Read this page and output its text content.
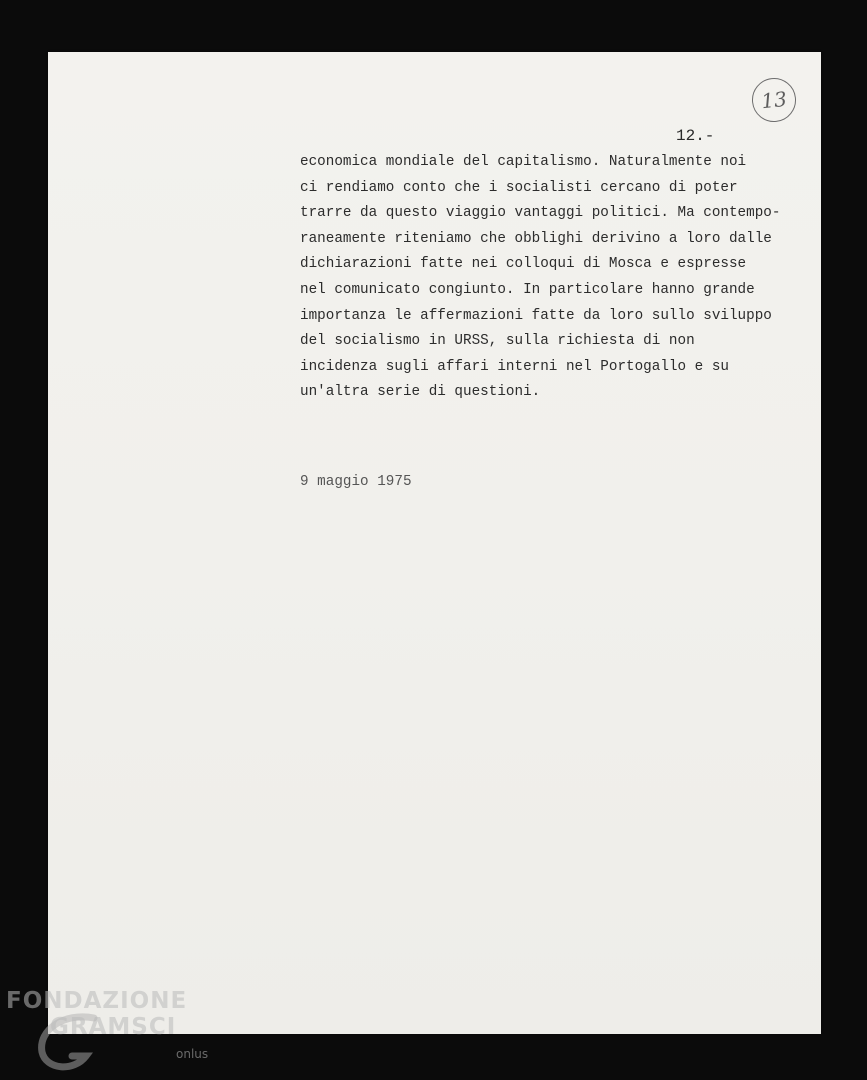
13
12.-
economica mondiale del capitalismo. Naturalmente noi
ci rendiamo conto che i socialisti cercano di poter
trarre da questo viaggio vantaggi politici. Ma contempo-
raneamente riteniamo che obblighi derivino a loro dalle
dichiarazioni fatte nei colloqui di Mosca e espresse
nel comunicato congiunto. In particolare hanno grande
importanza le affermazioni fatte da loro sullo sviluppo
del socialismo in URSS, sulla richiesta di non
incidenza sugli affari interni nel Portogallo e su
un'altra serie di questioni.
9 maggio 1975
FONDAZIONE
GRAMSCI
onlus
